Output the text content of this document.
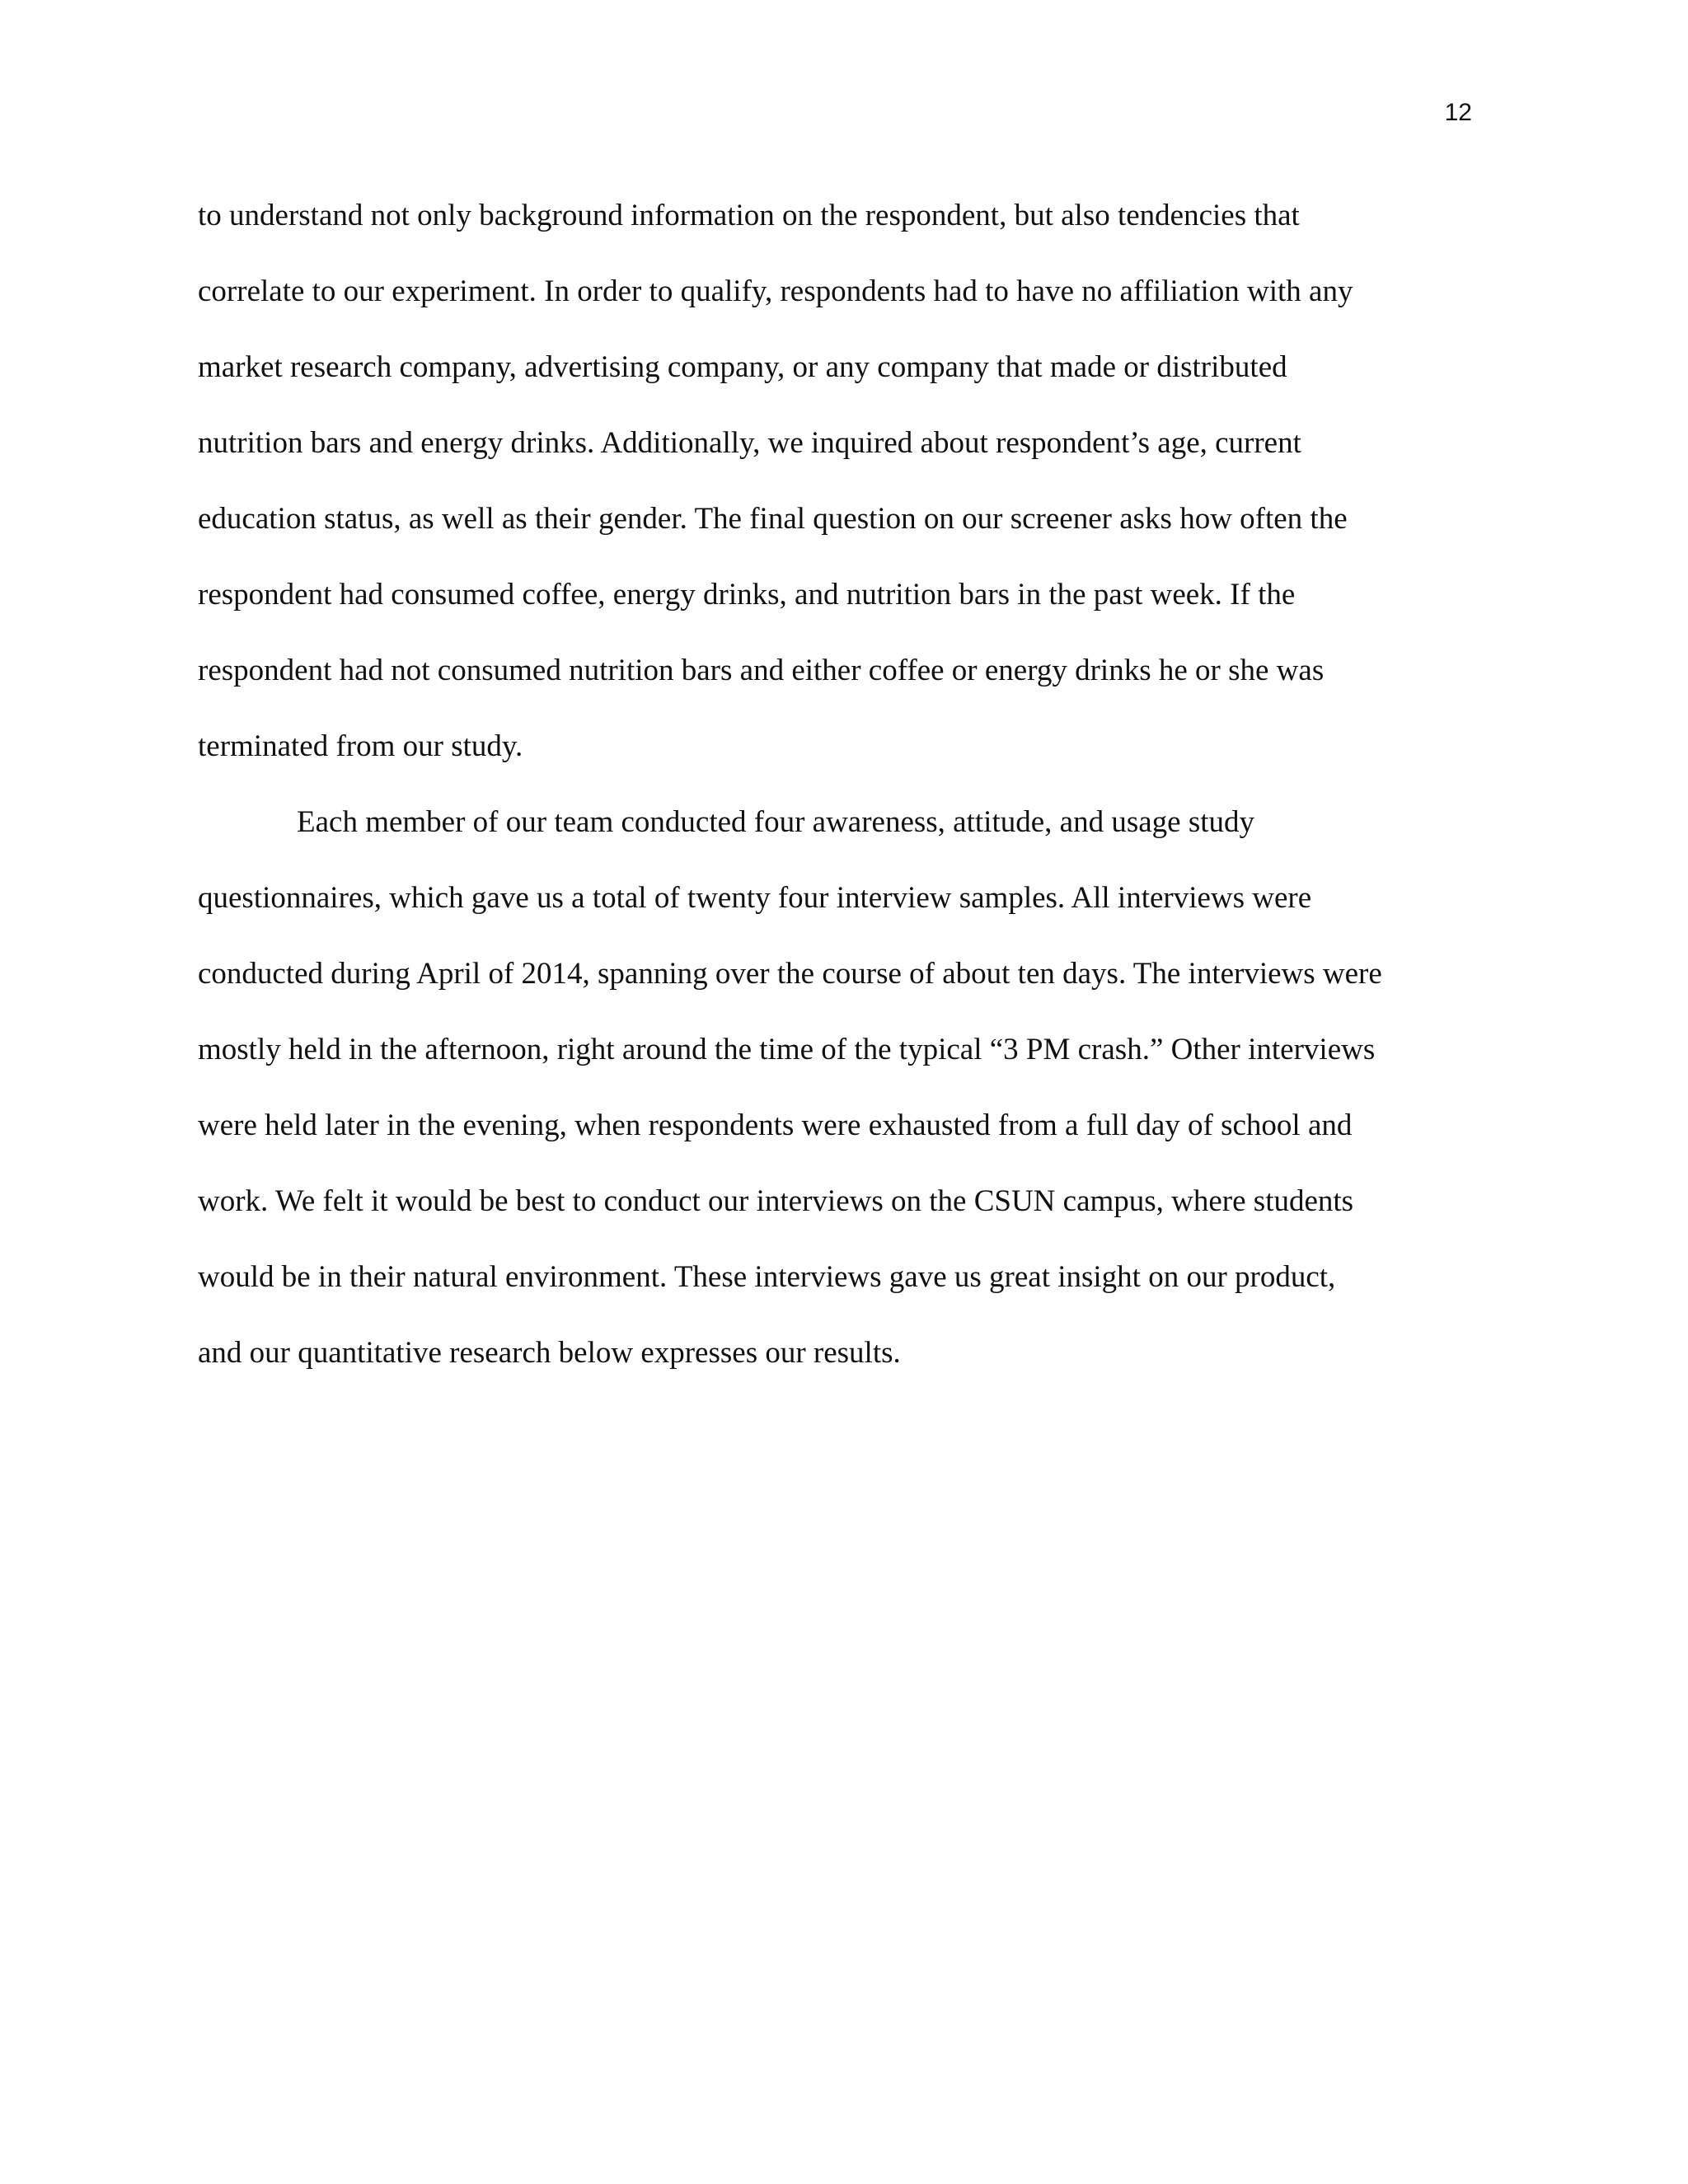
12
to understand not only background information on the respondent, but also tendencies that
correlate to our experiment. In order to qualify, respondents had to have no affiliation with any
market research company, advertising company, or any company that made or distributed
nutrition bars and energy drinks. Additionally, we inquired about respondent’s age, current
education status, as well as their gender. The final question on our screener asks how often the
respondent had consumed coffee, energy drinks, and nutrition bars in the past week. If the
respondent had not consumed nutrition bars and either coffee or energy drinks he or she was
terminated from our study.
Each member of our team conducted four awareness, attitude, and usage study
questionnaires, which gave us a total of twenty four interview samples. All interviews were
conducted during April of 2014, spanning over the course of about ten days. The interviews were
mostly held in the afternoon, right around the time of the typical “3 PM crash.” Other interviews
were held later in the evening, when respondents were exhausted from a full day of school and
work. We felt it would be best to conduct our interviews on the CSUN campus, where students
would be in their natural environment. These interviews gave us great insight on our product,
and our quantitative research below expresses our results.
